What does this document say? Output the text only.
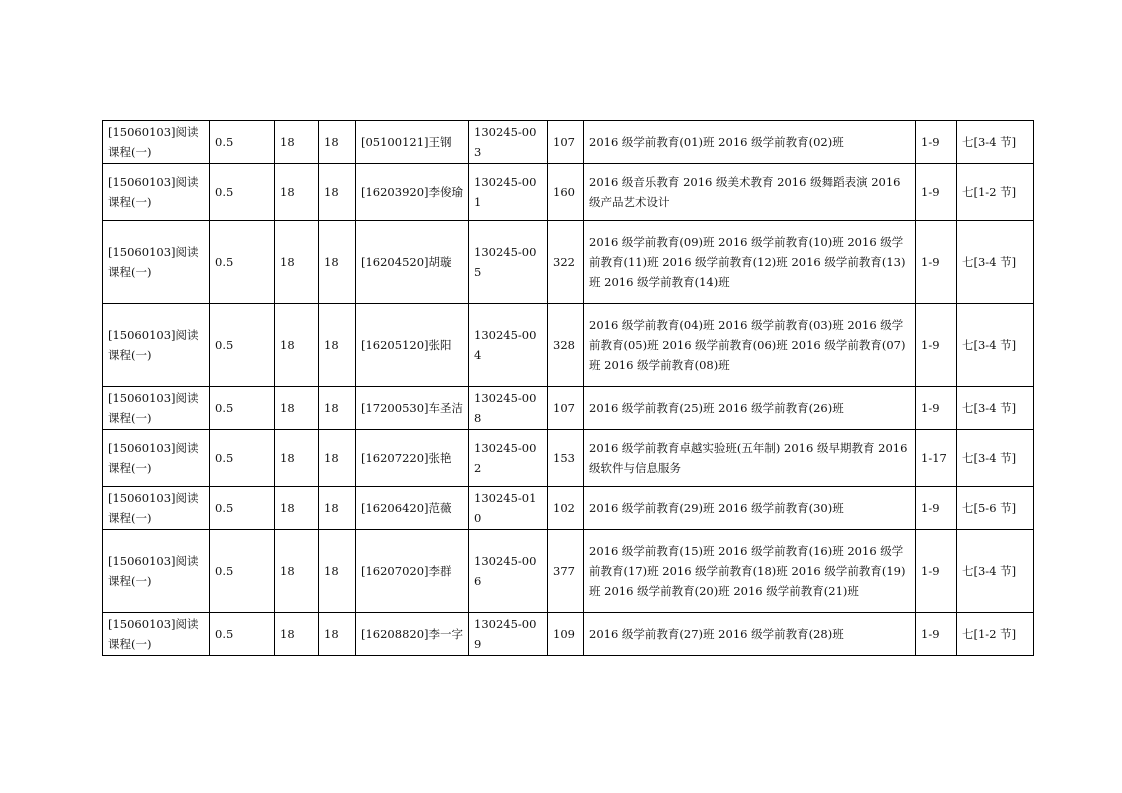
[15060103]阅读课程(一)	0.5	18	18	[05100121]王钢	130245-003	107	2016 级学前教育(01)班 2016 级学前教育(02)班	1-9	七[3-4 节]
[15060103]阅读课程(一)	0.5	18	18	[16203920]李俊瑜	130245-001	160	2016 级音乐教育 2016 级美术教育 2016 级舞蹈表演 2016 级产品艺术设计	1-9	七[1-2 节]
[15060103]阅读课程(一)	0.5	18	18	[16204520]胡璇	130245-005	322	2016 级学前教育(09)班 2016 级学前教育(10)班 2016 级学前教育(11)班 2016 级学前教育(12)班 2016 级学前教育(13)班 2016 级学前教育(14)班	1-9	七[3-4 节]
[15060103]阅读课程(一)	0.5	18	18	[16205120]张阳	130245-004	328	2016 级学前教育(04)班 2016 级学前教育(03)班 2016 级学前教育(05)班 2016 级学前教育(06)班 2016 级学前教育(07)班 2016 级学前教育(08)班	1-9	七[3-4 节]
[15060103]阅读课程(一)	0.5	18	18	[17200530]车圣洁	130245-008	107	2016 级学前教育(25)班 2016 级学前教育(26)班	1-9	七[3-4 节]
[15060103]阅读课程(一)	0.5	18	18	[16207220]张艳	130245-002	153	2016 级学前教育卓越实验班(五年制) 2016 级早期教育 2016 级软件与信息服务	1-17	七[3-4 节]
[15060103]阅读课程(一)	0.5	18	18	[16206420]范薇	130245-010	102	2016 级学前教育(29)班 2016 级学前教育(30)班	1-9	七[5-6 节]
[15060103]阅读课程(一)	0.5	18	18	[16207020]李群	130245-006	377	2016 级学前教育(15)班 2016 级学前教育(16)班 2016 级学前教育(17)班 2016 级学前教育(18)班 2016 级学前教育(19)班 2016 级学前教育(20)班 2016 级学前教育(21)班	1-9	七[3-4 节]
[15060103]阅读课程(一)	0.5	18	18	[16208820]李一字	130245-009	109	2016 级学前教育(27)班 2016 级学前教育(28)班	1-9	七[1-2 节]
